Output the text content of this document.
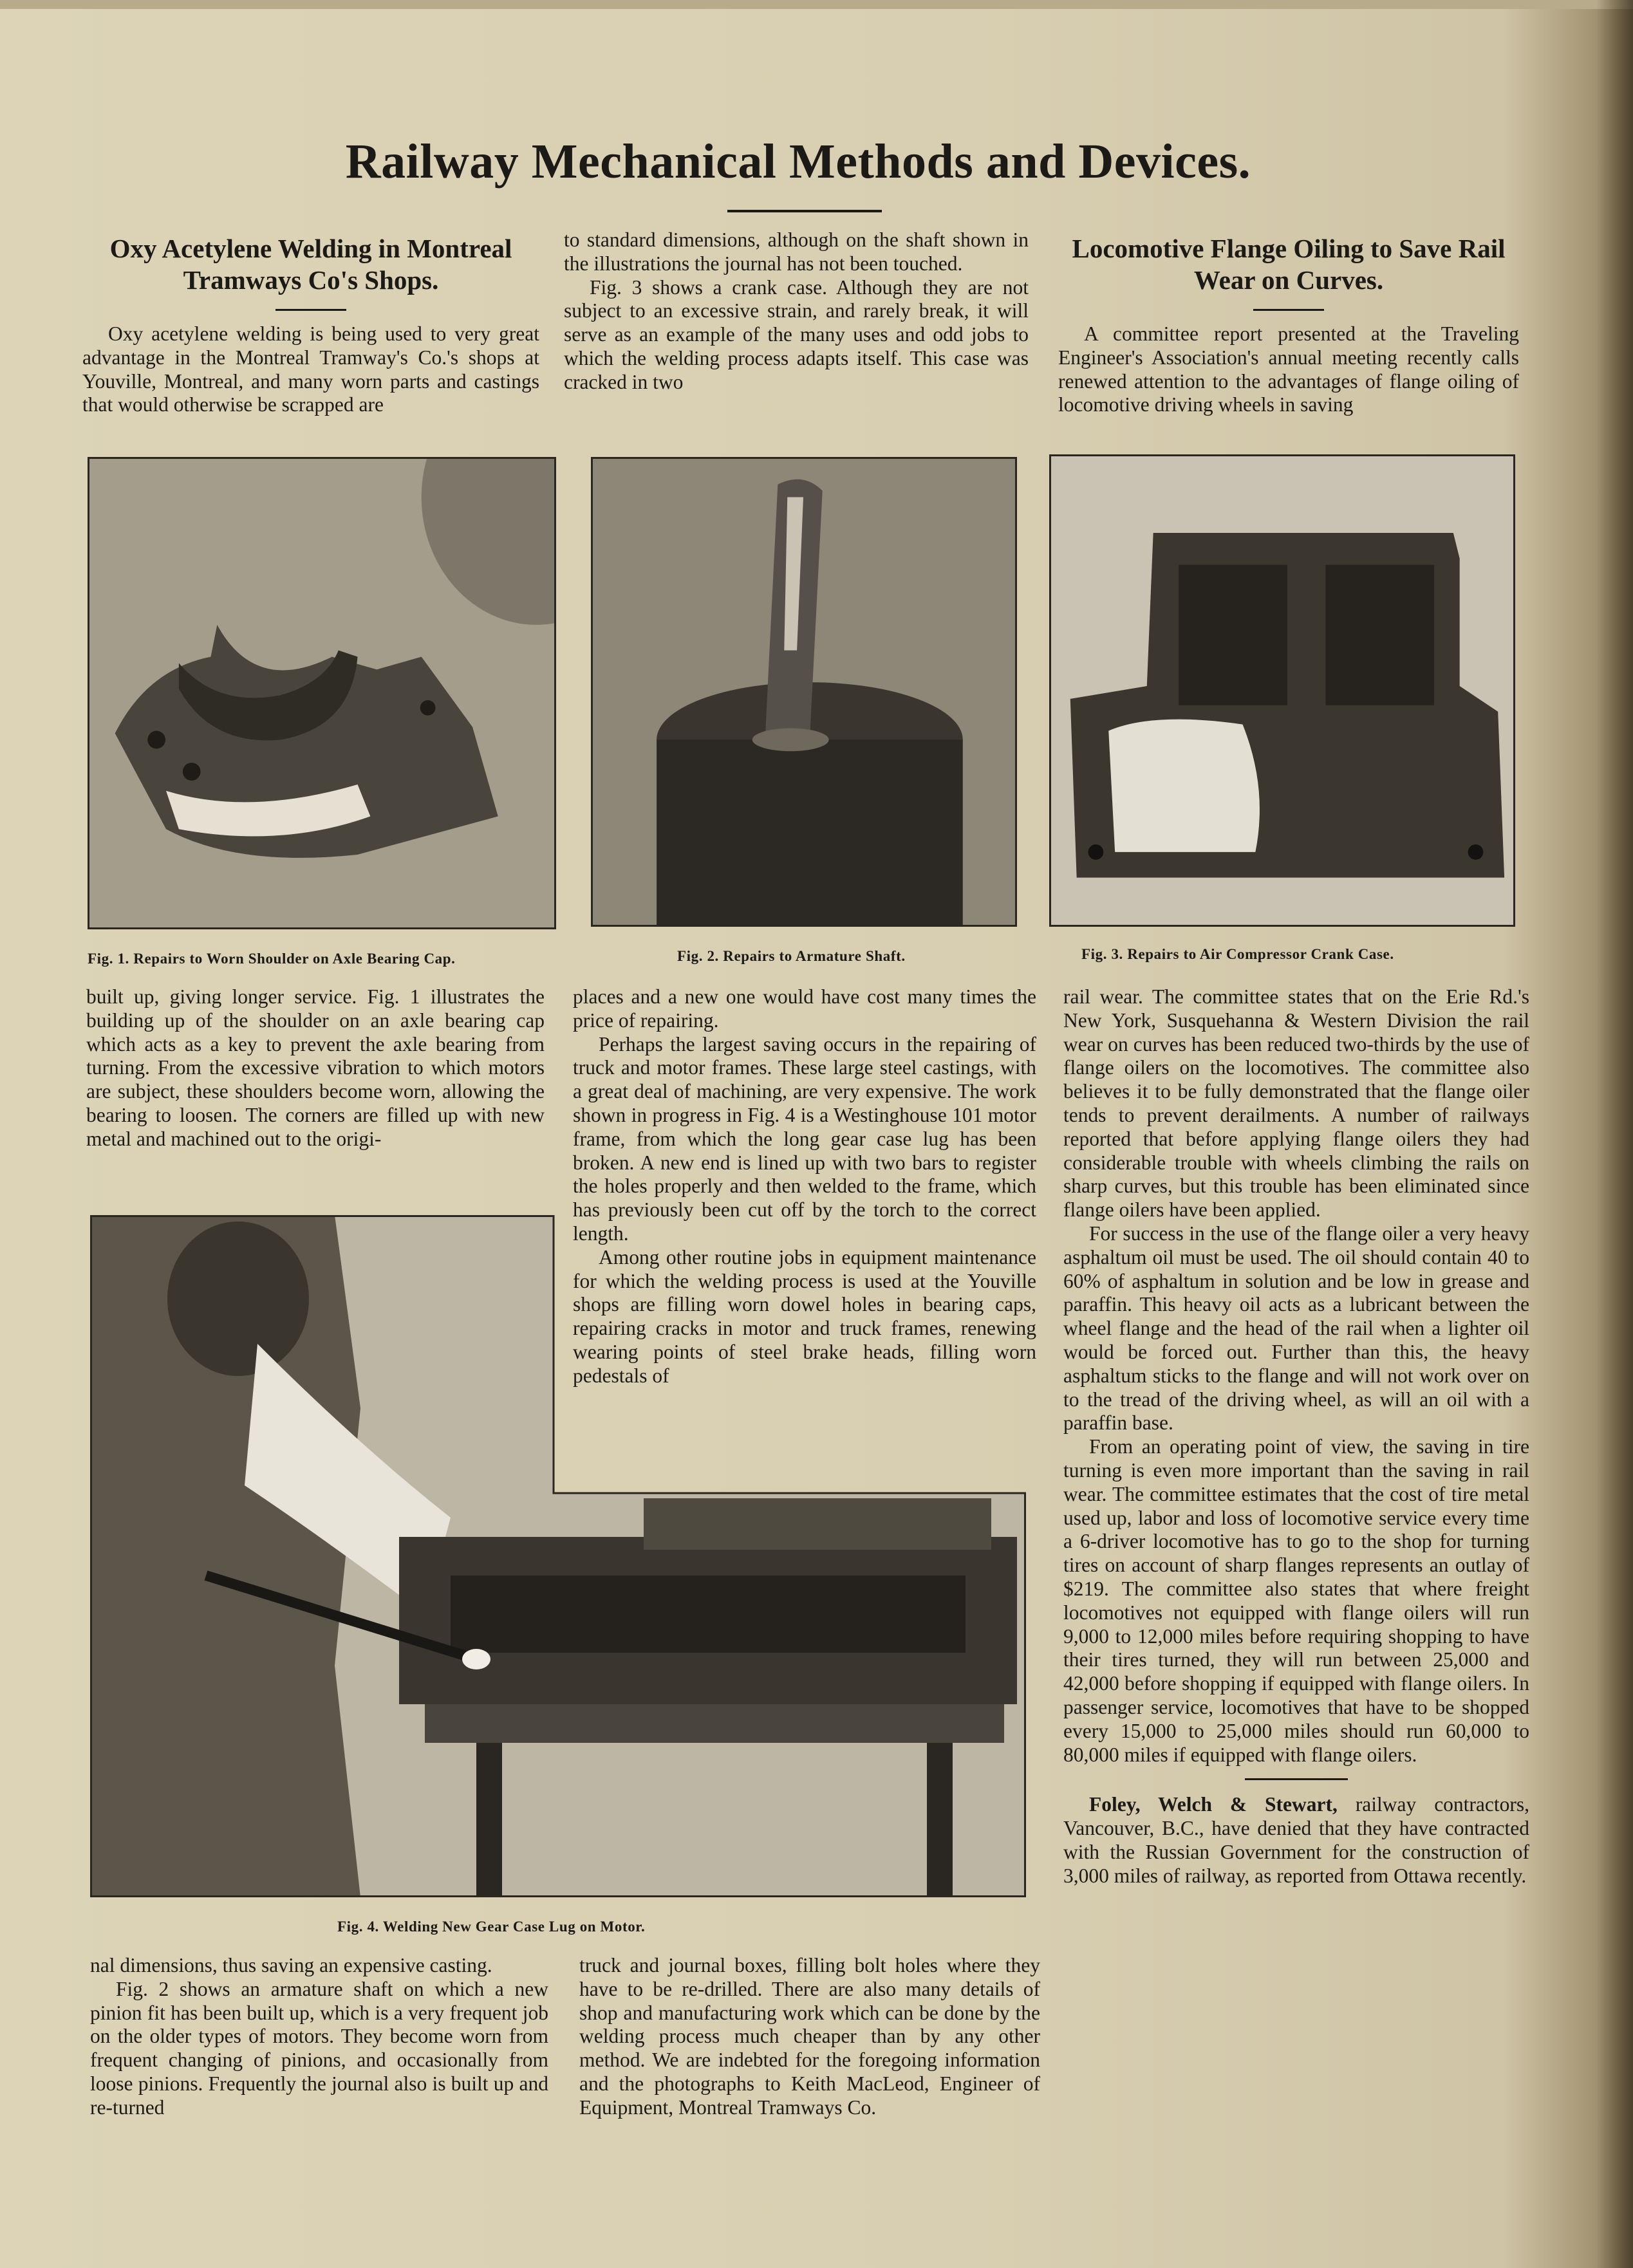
Railway Mechanical Methods and Devices.
Oxy Acetylene Welding in Montreal Tramways Co's Shops.

Oxy acetylene welding is being used to very great advantage in the Montreal Tramway's Co.'s shops at Youville, Montreal, and many worn parts and castings that would otherwise be scrapped are

to standard dimensions, although on the shaft shown in the illustrations the journal has not been touched.

Fig. 3 shows a crank case. Although they are not subject to an excessive strain, and rarely break, it will serve as an example of the many uses and odd jobs to which the welding process adapts itself. This case was cracked in two

Locomotive Flange Oiling to Save Rail Wear on Curves.

A committee report presented at the Traveling Engineer's Association's annual meeting recently calls renewed attention to the advantages of flange oiling of locomotive driving wheels in saving

Fig. 1. Repairs to Worn Shoulder on Axle Bearing Cap.	Fig. 2. Repairs to Armature Shaft.	Fig. 3. Repairs to Air Compressor Crank Case.

built up, giving longer service. Fig. 1 illustrates the building up of the shoulder on an axle bearing cap which acts as a key to prevent the axle bearing from turning. From the excessive vibration to which motors are subject, these shoulders become worn, allowing the bearing to loosen. The corners are filled up with new metal and machined out to the origi-

places and a new one would have cost many times the price of repairing.

Perhaps the largest saving occurs in the repairing of truck and motor frames. These large steel castings, with a great deal of machining, are very expensive. The work shown in progress in Fig. 4 is a Westinghouse 101 motor frame, from which the long gear case lug has been broken. A new end is lined up with two bars to register the holes properly and then welded to the frame, which has previously been cut off by the torch to the correct length.

Among other routine jobs in equipment maintenance for which the welding process is used at the Youville shops are filling worn dowel holes in bearing caps, repairing cracks in motor and truck frames, renewing wearing points of steel brake heads, filling worn pedestals of

Fig. 4. Welding New Gear Case Lug on Motor.

nal dimensions, thus saving an expensive casting.

Fig. 2 shows an armature shaft on which a new pinion fit has been built up, which is a very frequent job on the older types of motors. They become worn from frequent changing of pinions, and occasionally from loose pinions. Frequently the journal also is built up and re-turned

truck and journal boxes, filling bolt holes where they have to be re-drilled. There are also many details of shop and manufacturing work which can be done by the welding process much cheaper than by any other method. We are indebted for the foregoing information and the photographs to Keith MacLeod, Engineer of Equipment, Montreal Tramways Co.

rail wear. The committee states that on the Erie Rd.'s New York, Susquehanna & Western Division the rail wear on curves has been reduced two-thirds by the use of flange oilers on the locomotives. The committee also believes it to be fully demonstrated that the flange oiler tends to prevent derailments. A number of railways reported that before applying flange oilers they had considerable trouble with wheels climbing the rails on sharp curves, but this trouble has been eliminated since flange oilers have been applied.

For success in the use of the flange oiler a very heavy asphaltum oil must be used. The oil should contain 40 to 60% of asphaltum in solution and be low in grease and paraffin. This heavy oil acts as a lubricant between the wheel flange and the head of the rail when a lighter oil would be forced out. Further than this, the heavy asphaltum sticks to the flange and will not work over on to the tread of the driving wheel, as will an oil with a paraffin base.

From an operating point of view, the saving in tire turning is even more important than the saving in rail wear. The committee estimates that the cost of tire metal used up, labor and loss of locomotive service every time a 6-driver locomotive has to go to the shop for turning tires on account of sharp flanges represents an outlay of $219. The committee also states that where freight locomotives not equipped with flange oilers will run 9,000 to 12,000 miles before requiring shopping to have their tires turned, they will run between 25,000 and 42,000 before shopping if equipped with flange oilers. In passenger service, locomotives that have to be shopped every 15,000 to 25,000 miles should run 60,000 to 80,000 miles if equipped with flange oilers.

Foley, Welch & Stewart, railway contractors, Vancouver, B.C., have denied that they have contracted with the Russian Government for the construction of 3,000 miles of railway, as reported from Ottawa recently.
